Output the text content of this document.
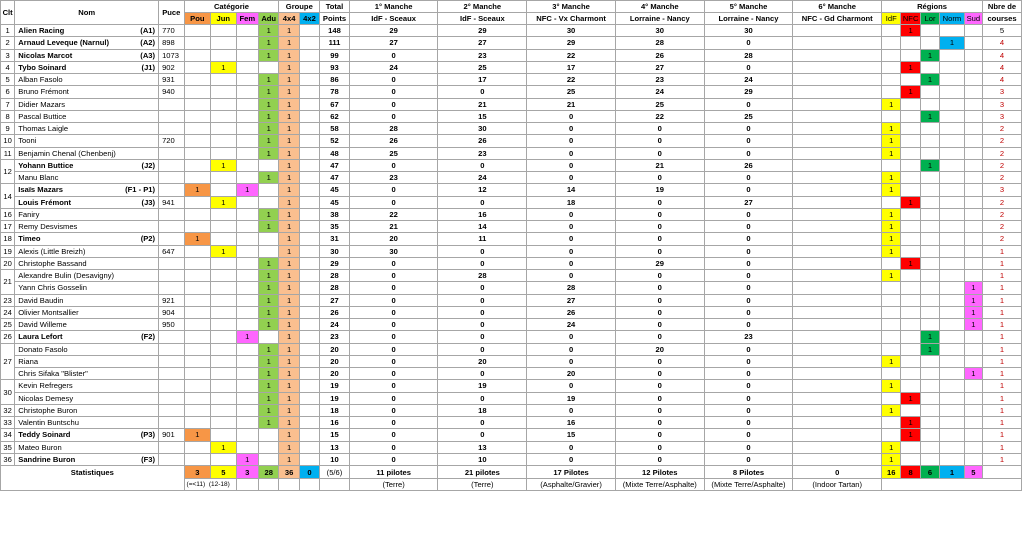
Clt	Nom	Puce	Catégorie				Groupe		Total	1° Manche	2° Manche	3° Manche	4° Manche	5° Manche	6° Manche	Régions					Nbre de
			Pou	Jun	Fem	Adu	4x4	4x2	Points	IdF - Sceaux	IdF - Sceaux	NFC - Vx Charmont	Lorraine - Nancy	Lorraine - Nancy	NFC - Gd Charmont	IdF	NFC	Lor	Norm	Sud	courses
1	Alien Racing (A1)	770				1	1		148	29	29	30	30	30			1				5
2	Arnaud Leveque (Narnul) (A2)	898				1	1		111	27	27	29	28	0					1		4
3	Nicolas Marcot (A3)	1073				1	1		99	0	23	22	26	28				1			4
4	Tybo Soinard (J1)	902		1			1		93	24	25	17	27	0			1				4
5	Alban Fasolo	931				1	1		86	0	17	22	23	24				1			4
6	Bruno Frémont	940				1	1		78	0	0	25	24	29			1				3
7	Didier Mazars					1	1		67	0	21	21	25	0		1					3
8	Pascal Buttice					1	1		62	0	15	0	22	25				1			3
9	Thomas Laigle					1	1		58	28	30	0	0	0		1					2
10	Tooni	720				1	1		52	26	26	0	0	0		1					2
11	Benjamin Chenal (Chenbenj)					1	1		48	25	23	0	0	0		1					2
12	Yohann Buttice (J2)			1			1		47	0	0	0	21	26				1			2
	Manu Blanc					1	1		47	23	24	0	0	0		1					2
14	Isaïs Mazars (F1 - P1)		1		1		1		45	0	12	14	19	0		1					3
	Louis Frémont (J3)	941		1			1		45	0	0	18	0	27			1				2
16	Faniry					1	1		38	22	16	0	0	0		1					2
17	Remy Desvismes					1	1		35	21	14	0	0	0		1					2
18	Timeo (P2)		1				1		31	20	11	0	0	0		1					2
19	Alexis (Little Breizh)	647		1			1		30	30	0	0	0	0		1					1
20	Christophe Bassand					1	1		29	0	0	0	29	0			1				1
21	Alexandre Bulin (Desavigny)					1	1		28	0	28	0	0	0		1					1
	Yann Chris Gosselin					1	1		28	0	0	28	0	0						1	1
23	David Baudin	921				1	1		27	0	0	27	0	0						1	1
24	Olivier Montsallier	904				1	1		26	0	0	26	0	0						1	1
25	David Willeme	950				1	1		24	0	0	24	0	0						1	1
26	Laura Lefort (F2)				1		1		23	0	0	0	0	23				1			1
27	Donato Fasolo					1	1		20	0	0	0	20	0				1			1
	Riana					1	1		20	0	20	0	0	0		1					1
	Chris Sifaka "Blister"					1	1		20	0	0	20	0	0						1	1
30	Kevin Refregers					1	1		19	0	19	0	0	0		1					1
	Nicolas Demesy					1	1		19	0	0	19	0	0			1				1
32	Christophe Buron					1	1		18	0	18	0	0	0		1					1
33	Valentin Buntschu					1	1		16	0	0	16	0	0			1				1
34	Teddy Soinard (P3)	901	1				1		15	0	0	15	0	0			1				1
35	Mateo Buron			1			1		13	0	13	0	0	0		1					1
36	Sandrine Buron (F3)				1		1		10	0	10	0	0	0		1					1
Statistiques			3	5	3	28	36	0	(5/6)	11 pilotes	21 pilotes	17 Pilotes	12 Pilotes	8 Pilotes	0	16	8	6	1	5	
			(=<11) (12-18)							(Terre)	(Terre)	(Asphalte/Gravier)	(Mixte Terre/Asphalte)	(Mixte Terre/Asphalte)	(Indoor Tartan)						
